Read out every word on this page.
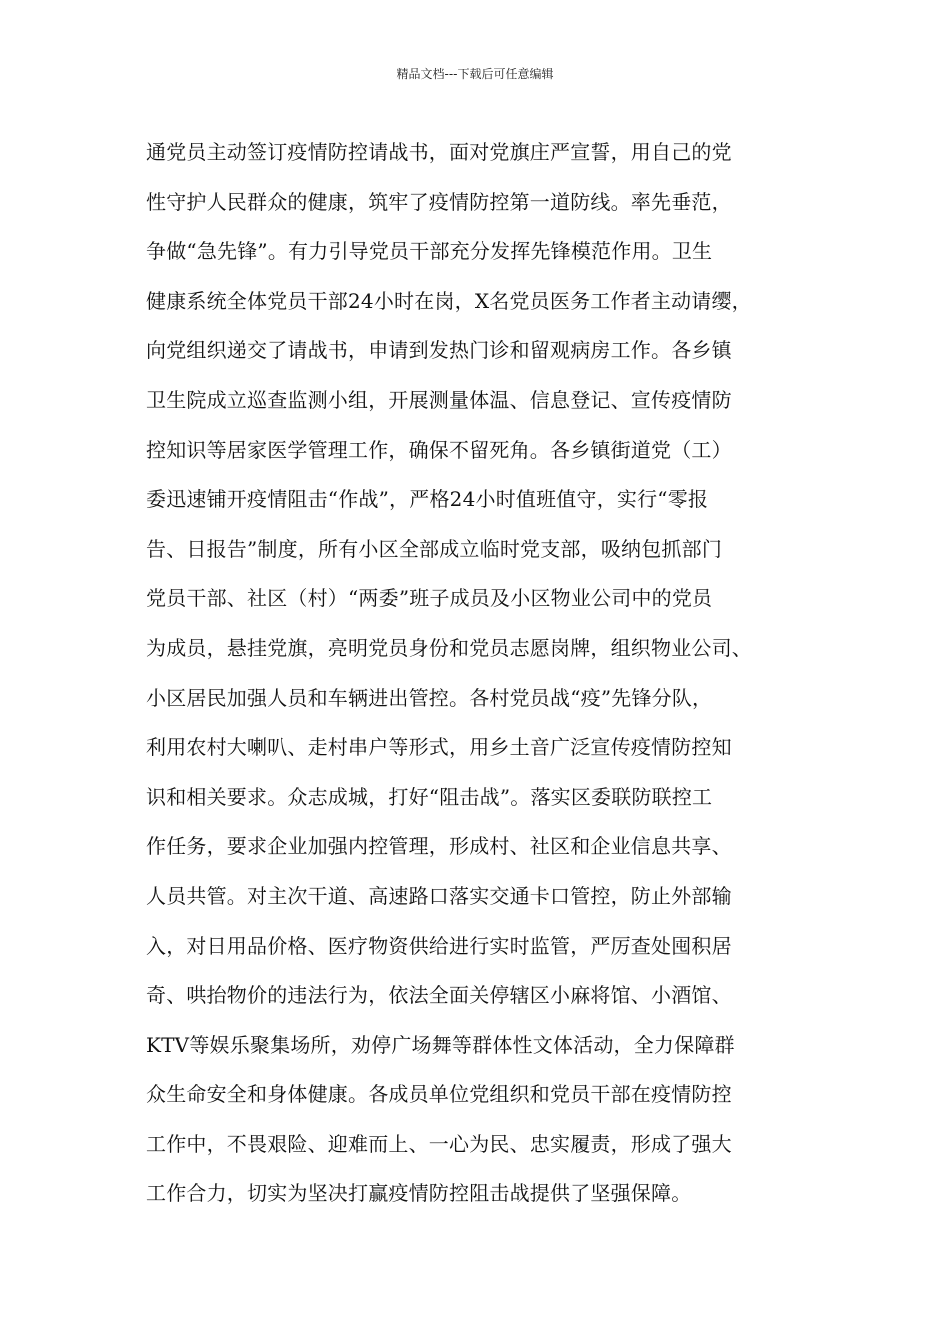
精品文档---下载后可任意编辑
通党员主动签订疫情防控请战书，面对党旗庄严宣誓，用自己的党
性守护人民群众的健康，筑牢了疫情防控第一道防线。率先垂范，
争做“急先锋”。有力引导党员干部充分发挥先锋模范作用。卫生
健康系统全体党员干部24小时在岗，X名党员医务工作者主动请缨，
向党组织递交了请战书，申请到发热门诊和留观病房工作。各乡镇
卫生院成立巡查监测小组，开展测量体温、信息登记、宣传疫情防
控知识等居家医学管理工作，确保不留死角。各乡镇街道党（工）
委迅速铺开疫情阻击“作战”，严格24小时值班值守，实行“零报
告、日报告”制度，所有小区全部成立临时党支部，吸纳包抓部门
党员干部、社区（村）“两委”班子成员及小区物业公司中的党员
为成员，悬挂党旗，亮明党员身份和党员志愿岗牌，组织物业公司、
小区居民加强人员和车辆进出管控。各村党员战“疫”先锋分队，
利用农村大喇叭、走村串户等形式，用乡土音广泛宣传疫情防控知
识和相关要求。众志成城，打好“阻击战”。落实区委联防联控工
作任务，要求企业加强内控管理，形成村、社区和企业信息共享、
人员共管。对主次干道、高速路口落实交通卡口管控，防止外部输
入，对日用品价格、医疗物资供给进行实时监管，严厉查处囤积居
奇、哄抬物价的违法行为，依法全面关停辖区小麻将馆、小酒馆、
KTV等娱乐聚集场所，劝停广场舞等群体性文体活动，全力保障群
众生命安全和身体健康。各成员单位党组织和党员干部在疫情防控
工作中，不畏艰险、迎难而上、一心为民、忠实履责，形成了强大
工作合力，切实为坚决打赢疫情防控阻击战提供了坚强保障。
